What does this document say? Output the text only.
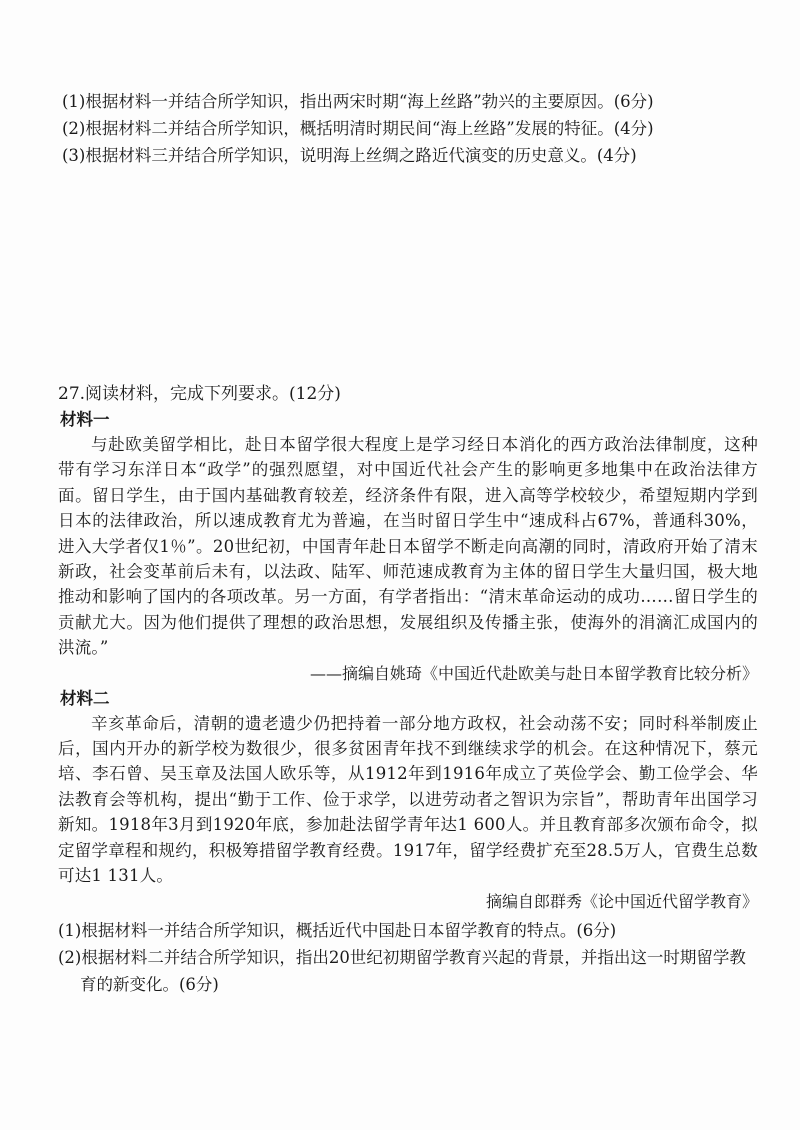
(1)根据材料一并结合所学知识，指出两宋时期“海上丝路”勃兴的主要原因。(6分)

(2)根据材料二并结合所学知识，概括明清时期民间“海上丝路”发展的特征。(4分)

(3)根据材料三并结合所学知识，说明海上丝绸之路近代演变的历史意义。(4分)

27.阅读材料，完成下列要求。(12分)

材料一

与赴欧美留学相比，赴日本留学很大程度上是学习经日本消化的西方政治法律制度，这种带有学习东洋日本“政学”的强烈愿望，对中国近代社会产生的影响更多地集中在政治法律方面。留日学生，由于国内基础教育较差，经济条件有限，进入高等学校较少，希望短期内学到日本的法律政治，所以速成教育尤为普遍，在当时留日学生中“速成科占67%，普通科30%，进入大学者仅1％”。20世纪初，中国青年赴日本留学不断走向高潮的同时，清政府开始了清末新政，社会变革前后未有，以法政、陆军、师范速成教育为主体的留日学生大量归国，极大地推动和影响了国内的各项改革。另一方面，有学者指出：“清末革命运动的成功……留日学生的贡献尤大。因为他们提供了理想的政治思想，发展组织及传播主张，使海外的涓滴汇成国内的洪流。”

——摘编自姚琦《中国近代赴欧美与赴日本留学教育比较分析》

材料二

辛亥革命后，清朝的遗老遗少仍把持着一部分地方政权，社会动荡不安；同时科举制废止后，国内开办的新学校为数很少，很多贫困青年找不到继续求学的机会。在这种情况下，蔡元培、李石曾、吴玉章及法国人欧乐等，从1912年到1916年成立了英俭学会、勤工俭学会、华法教育会等机构，提出“勤于工作、俭于求学，以进劳动者之智识为宗旨”，帮助青年出国学习新知。1918年3月到1920年底，参加赴法留学青年达1 600人。并且教育部多次颁布命令，拟定留学章程和规约，积极筹措留学教育经费。1917年，留学经费扩充至28.5万人，官费生总数可达1 131人。

摘编自郎群秀《论中国近代留学教育》

(1)根据材料一并结合所学知识，概括近代中国赴日本留学教育的特点。(6分)

(2)根据材料二并结合所学知识，指出20世纪初期留学教育兴起的背景，并指出这一时期留学教育的新变化。(6分)
